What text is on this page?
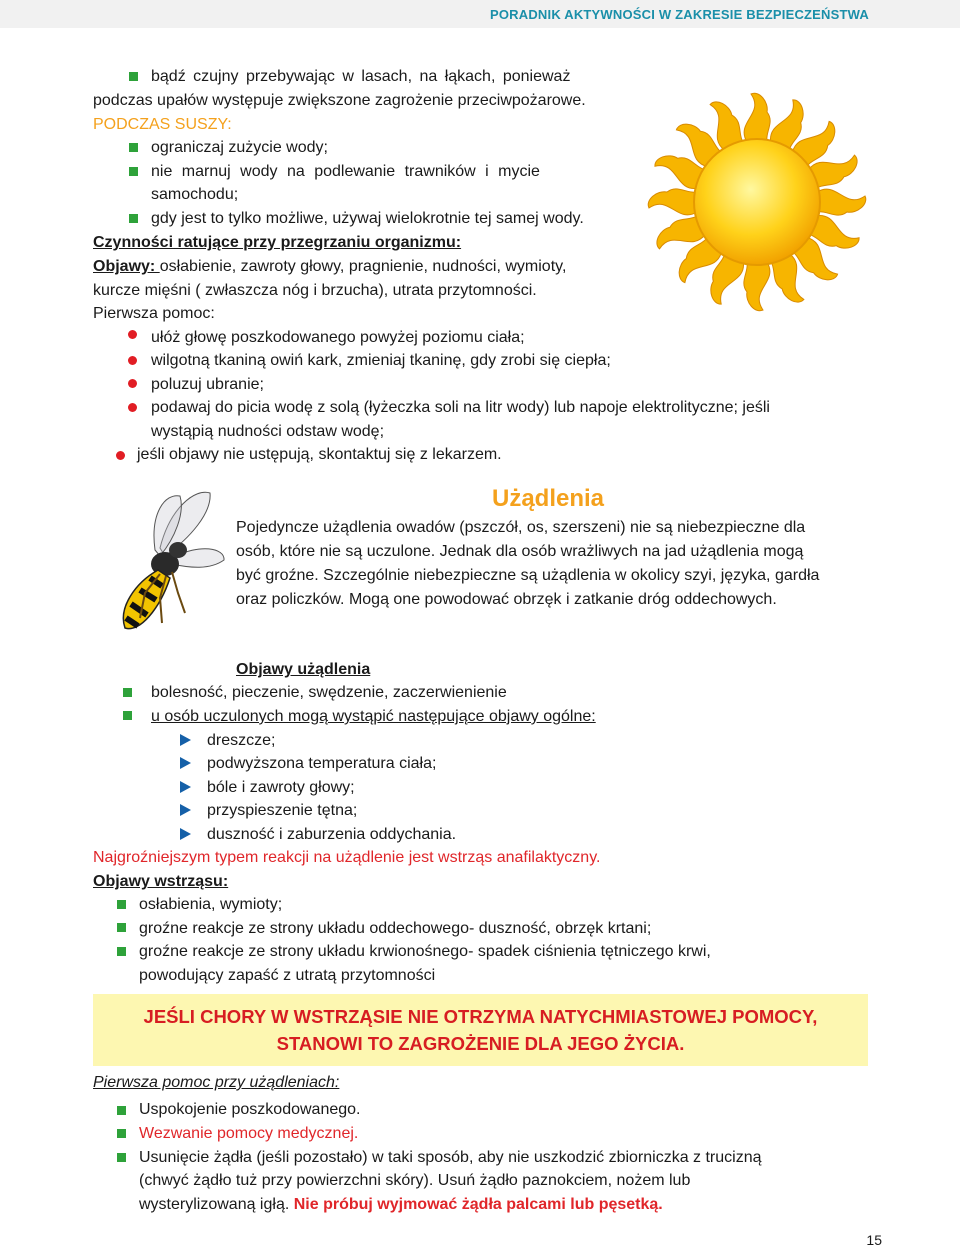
PORADNIK AKTYWNOŚCI W ZAKRESIE BEZPIECZEŃSTWA
bądź czujny przebywając w lasach, na łąkach, ponieważ
podczas upałów występuje zwiększone zagrożenie przeciwpożarowe.
PODCZAS SUSZY:
ograniczaj zużycie wody;
nie marnuj wody na podlewanie trawników i mycie
samochodu;
gdy jest to tylko możliwe, używaj wielokrotnie tej samej wody.
Czynności ratujące przy przegrzaniu organizmu:
Objawy: osłabienie, zawroty głowy, pragnienie, nudności, wymioty,
kurcze mięśni ( zwłaszcza nóg i brzucha), utrata przytomności.
Pierwsza pomoc:
ułóż głowę poszkodowanego powyżej poziomu ciała;
wilgotną tkaniną owiń kark, zmieniaj tkaninę, gdy zrobi się ciepła;
poluzuj ubranie;
podawaj do picia wodę z solą (łyżeczka soli na litr wody) lub napoje elektrolityczne; jeśli
wystąpią nudności odstaw wodę;
jeśli objawy nie ustępują, skontaktuj się z lekarzem.
Użądlenia
Pojedyncze użądlenia owadów (pszczół, os, szerszeni) nie są niebezpieczne dla
osób, które nie są uczulone. Jednak dla osób wrażliwych na jad użądlenia mogą
być groźne. Szczególnie niebezpieczne są użądlenia w okolicy szyi, języka, gardła
oraz policzków. Mogą one powodować obrzęk i zatkanie dróg oddechowych.
Objawy użądlenia
bolesność, pieczenie, swędzenie, zaczerwienienie
u osób uczulonych mogą wystąpić następujące objawy ogólne:
dreszcze;
podwyższona temperatura ciała;
bóle i zawroty głowy;
przyspieszenie tętna;
duszność i zaburzenia oddychania.
Najgroźniejszym typem reakcji na użądlenie jest wstrząs anafilaktyczny.
Objawy wstrząsu:
osłabienia, wymioty;
groźne reakcje ze strony układu oddechowego- duszność, obrzęk krtani;
groźne reakcje ze strony układu krwionośnego- spadek ciśnienia tętniczego krwi,
powodujący zapaść z utratą przytomności
JEŚLI CHORY W WSTRZĄSIE NIE OTRZYMA NATYCHMIASTOWEJ POMOCY,
STANOWI TO ZAGROŻENIE DLA JEGO ŻYCIA.
Pierwsza pomoc przy użądleniach:
Uspokojenie poszkodowanego.
Wezwanie pomocy medycznej.
Usunięcie żądła (jeśli pozostało) w taki sposób, aby nie uszkodzić zbiorniczka z trucizną
(chwyć żądło tuż przy powierzchni skóry). Usuń żądło paznokciem, nożem lub
wysterylizowaną igłą. Nie próbuj wyjmować żądła palcami lub pęsetką.
15
